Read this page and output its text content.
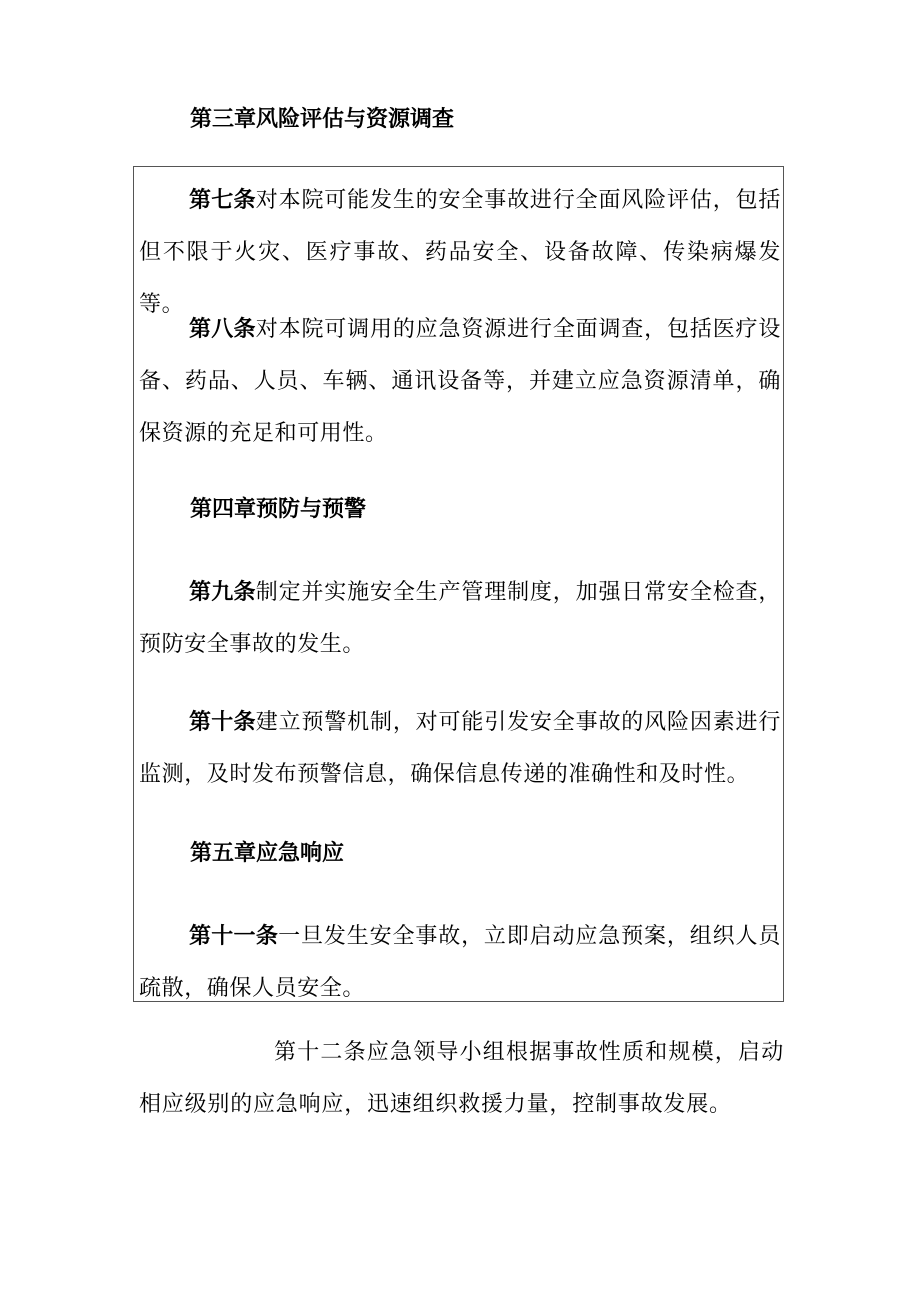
第三章风险评估与资源调查
第七条对本院可能发生的安全事故进行全面风险评估，包括但不限于火灾、医疗事故、药品安全、设备故障、传染病爆发等。
第八条对本院可调用的应急资源进行全面调查，包括医疗设备、药品、人员、车辆、通讯设备等，并建立应急资源清单，确保资源的充足和可用性。
第四章预防与预警
第九条制定并实施安全生产管理制度，加强日常安全检查，预防安全事故的发生。
第十条建立预警机制，对可能引发安全事故的风险因素进行监测，及时发布预警信息，确保信息传递的准确性和及时性。
第五章应急响应
第十一条一旦发生安全事故，立即启动应急预案，组织人员疏散，确保人员安全。
第十二条应急领导小组根据事故性质和规模，启动相应级别的应急响应，迅速组织救援力量，控制事故发展。
